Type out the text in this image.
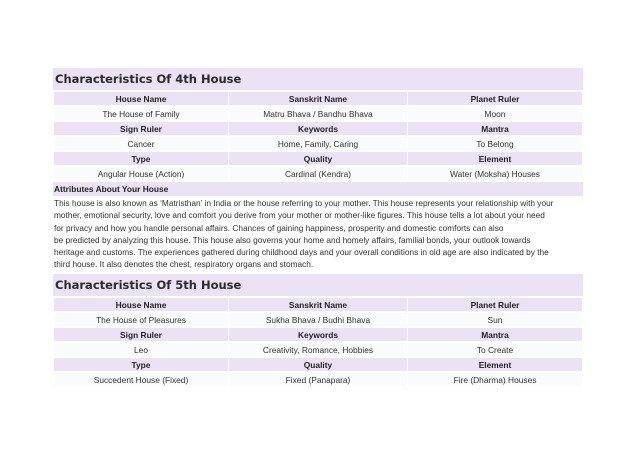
Characteristics Of 4th House
House Name	Sanskrit Name	Planet Ruler
The House of Family	Matru Bhava / Bandhu Bhava	Moon
Sign Ruler	Keywords	Mantra
Cancer	Home, Family, Caring	To Belong
Type	Quality	Element
Angular House (Action)	Cardinal (Kendra)	Water (Moksha) Houses
Attributes About Your House
This house is also known as ‘Matristhan’ in India or the house referring to your mother. This house represents your relationship with your
mother, emotional security, love and comfort you derive from your mother or mother-like figures. This house tells a lot about your need
for privacy and how you handle personal affairs. Chances of gaining happiness, prosperity and domestic comforts can also
be predicted by analyzing this house. This house also governs your home and homely affairs, familial bonds, your outlook towards
heritage and customs. The experiences gathered during childhood days and your overall conditions in old age are also indicated by the
third house. It also denotes the chest, respiratory organs and stomach.
Characteristics Of 5th House
House Name	Sanskrit Name	Planet Ruler
The House of Pleasures	Sukha Bhava / Budhi Bhava	Sun
Sign Ruler	Keywords	Mantra
Leo	Creativity, Romance, Hobbies	To Create
Type	Quality	Element
Succedent House (Fixed)	Fixed (Panapara)	Fire (Dharma) Houses
